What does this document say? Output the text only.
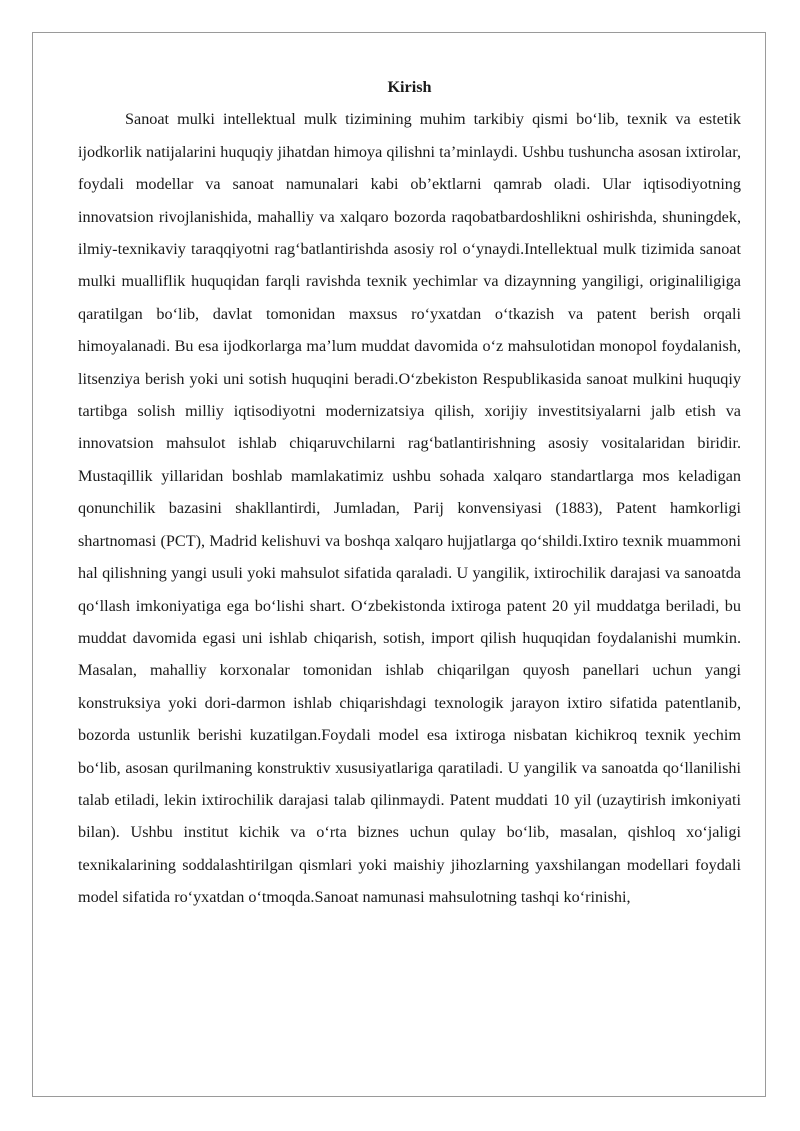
Kirish

Sanoat mulki intellektual mulk tizimining muhim tarkibiy qismi bo‘lib, texnik va estetik ijodkorlik natijalarini huquqiy jihatdan himoya qilishni ta’minlaydi. Ushbu tushuncha asosan ixtirolar, foydali modellar va sanoat namunalari kabi ob’ektlarni qamrab oladi. Ular iqtisodiyotning innovatsion rivojlanishida, mahalliy va xalqaro bozorda raqobatbardoshlikni oshirishda, shuningdek, ilmiy-texnikaviy taraqqiyotni rag‘batlantirishda asosiy rol o‘ynaydi.Intellektual mulk tizimida sanoat mulki mualliflik huquqidan farqli ravishda texnik yechimlar va dizaynning yangiligi, originaliligiga qaratilgan bo‘lib, davlat tomonidan maxsus ro‘yxatdan o‘tkazish va patent berish orqali himoyalanadi. Bu esa ijodkorlarga ma’lum muddat davomida o‘z mahsulotidan monopol foydalanish, litsenziya berish yoki uni sotish huquqini beradi.O‘zbekiston Respublikasida sanoat mulkini huquqiy tartibga solish milliy iqtisodiyotni modernizatsiya qilish, xorijiy investitsiyalarni jalb etish va innovatsion mahsulot ishlab chiqaruvchilarni rag‘batlantirishning asosiy vositalaridan biridir. Mustaqillik yillaridan boshlab mamlakatimiz ushbu sohada xalqaro standartlarga mos keladigan qonunchilik bazasini shakllantirdi, Jumladan, Parij konvensiyasi (1883), Patent hamkorligi shartnomasi (PCT), Madrid kelishuvi va boshqa xalqaro hujjatlarga qo‘shildi.Ixtiro texnik muammoni hal qilishning yangi usuli yoki mahsulot sifatida qaraladi. U yangilik, ixtirochilik darajasi va sanoatda qo‘llash imkoniyatiga ega bo‘lishi shart. O‘zbekistonda ixtiroga patent 20 yil muddatga beriladi, bu muddat davomida egasi uni ishlab chiqarish, sotish, import qilish huquqidan foydalanishi mumkin. Masalan, mahalliy korxonalar tomonidan ishlab chiqarilgan quyosh panellari uchun yangi konstruksiya yoki dori-darmon ishlab chiqarishdagi texnologik jarayon ixtiro sifatida patentlanib, bozorda ustunlik berishi kuzatilgan.Foydali model esa ixtiroga nisbatan kichikroq texnik yechim bo‘lib, asosan qurilmaning konstruktiv xususiyatlariga qaratiladi. U yangilik va sanoatda qo‘llanilishi talab etiladi, lekin ixtirochilik darajasi talab qilinmaydi. Patent muddati 10 yil (uzaytirish imkoniyati bilan). Ushbu institut kichik va o‘rta biznes uchun qulay bo‘lib, masalan, qishloq xo‘jaligi texnikalarining soddalashtirilgan qismlari yoki maishiy jihozlarning yaxshilangan modellari foydali model sifatida ro‘yxatdan o‘tmoqda.Sanoat namunasi mahsulotning tashqi ko‘rinishi,
